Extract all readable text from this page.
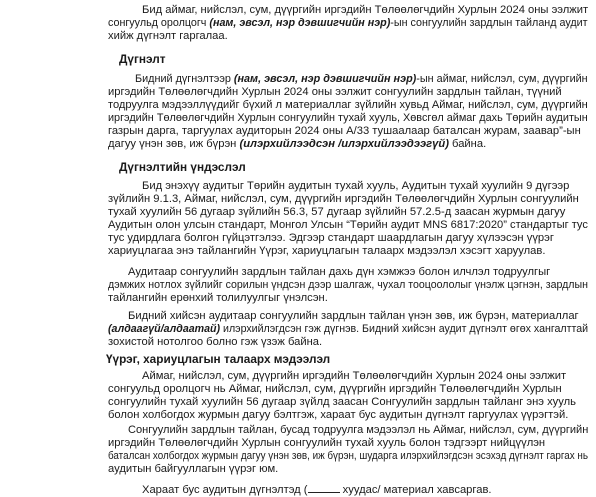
Бид аймаг, нийслэл, сум, дүүргийн иргэдийн Төлөөлөгчдийн Хурлын 2024 оны ээлжит
сонгуульд оролцогч (нам, эвсэл, нэр дэвшигчийн нэр)-ын сонгуулийн зардлын тайланд аудит
хийж дүгнэлт гаргалаа.
Дүгнэлт
Бидний дүгнэлтээр (нам, эвсэл, нэр дэвшигчийн нэр)-ын аймаг, нийслэл, сум, дүүргийн
иргэдийн Төлөөлөгчдийн Хурлын 2024 оны ээлжит сонгуулийн зардлын тайлан, түүний
тодруулга мэдээллүүдийг бүхий л материаллаг зүйлийн хувьд Аймаг, нийслэл, сум, дүүргийн
иргэдийн Төлөөлөгчдийн Хурлын сонгуулийн тухай хууль, Хөвсгөл аймаг дахь Төрийн аудитын
газрын дарга, таргуулах аудиторын 2024 оны А/33 тушаалаар баталсан журам, заавар”-ын
дагуу үнэн зөв, иж бүрэн (илэрхийлээдсэн /илэрхийлээдээгүй) байна.
Дүгнэлтийн үндэслэл
Бид энэхүү аудитыг Төрийн аудитын тухай хууль, Аудитын тухай хуулийн 9 дүгээр
зүйлийн 9.1.3, Аймаг, нийслэл, сум, дүүргийн иргэдийн Төлөөлөгчдийн Хурлын сонгуулийн
тухай хуулийн 56 дугаар зүйлийн 56.3, 57 дугаар зүйлийн 57.2.5-д заасан журмын дагуу
Аудитын олон улсын стандарт, Монгол Улсын “Төрийн аудит MNS 6817:2020” стандартыг тус
тус удирдлага болгон гүйцэтгэлээ. Эдгээр стандарт шаардлагын дагуу хүлээсэн үүрэг
хариуцлагаа энэ тайлангийн Үүрэг, хариуцлагын талаарх мэдээлэл хэсэгт харуулав.
Аудитаар сонгуулийн зардлын тайлан дахь дүн хэмжээ болон илчлэл тодруулгыг
дэмжих нотлох зүйлийг сорилын үндсэн дээр шалгаж, чухал тооцоололыг үнэлж цэгнэн, зардлын
тайлангийн ерөнхий толилуулгыг үнэлсэн.
Бидний хийсэн аудитаар сонгуулийн зардлын тайлан үнэн зөв, иж бүрэн, материаллаг
(алдаагүй/алдаатай) илэрхийлэгдсэн гэж дүгнэв. Бидний хийсэн аудит дүгнэлт өгөх хангалттай
зохистой нотолгоо болно гэж үзэж байна.
Үүрэг, хариуцлагын талаарх мэдээлэл
Аймаг, нийслэл, сум, дүүргийн иргэдийн Төлөөлөгчдийн Хурлын 2024 оны ээлжит
сонгуульд оролцогч нь Аймаг, нийслэл, сум, дүүргийн иргэдийн Төлөөлөгчдийн Хурлын
сонгуулийн тухай хуулийн 56 дугаар зүйлд заасан Сонгуулийн зардлын тайланг энэ хууль
болон холбогдох журмын дагуу бэлтгэж, хараат бус аудитын дүгнэлт гаргуулах үүрэгтэй.
Сонгуулийн зардлын тайлан, бусад тодруулга мэдээлэл нь Аймаг, нийслэл, сум, дүүргийн
иргэдийн Төлөөлөгчдийн Хурлын сонгуулийн тухай хууль болон тэдгээрт нийцүүлэн
баталсан холбогдох журмын дагуу үнэн зөв, иж бүрэн, шударга илэрхийлэгдсэн эсэхэд дүгнэлт гаргах нь
аудитын байгууллагын үүрэг юм.
Хараат бус аудитын дүгнэлтэд (	хуудас/ материал хавсаргав.
